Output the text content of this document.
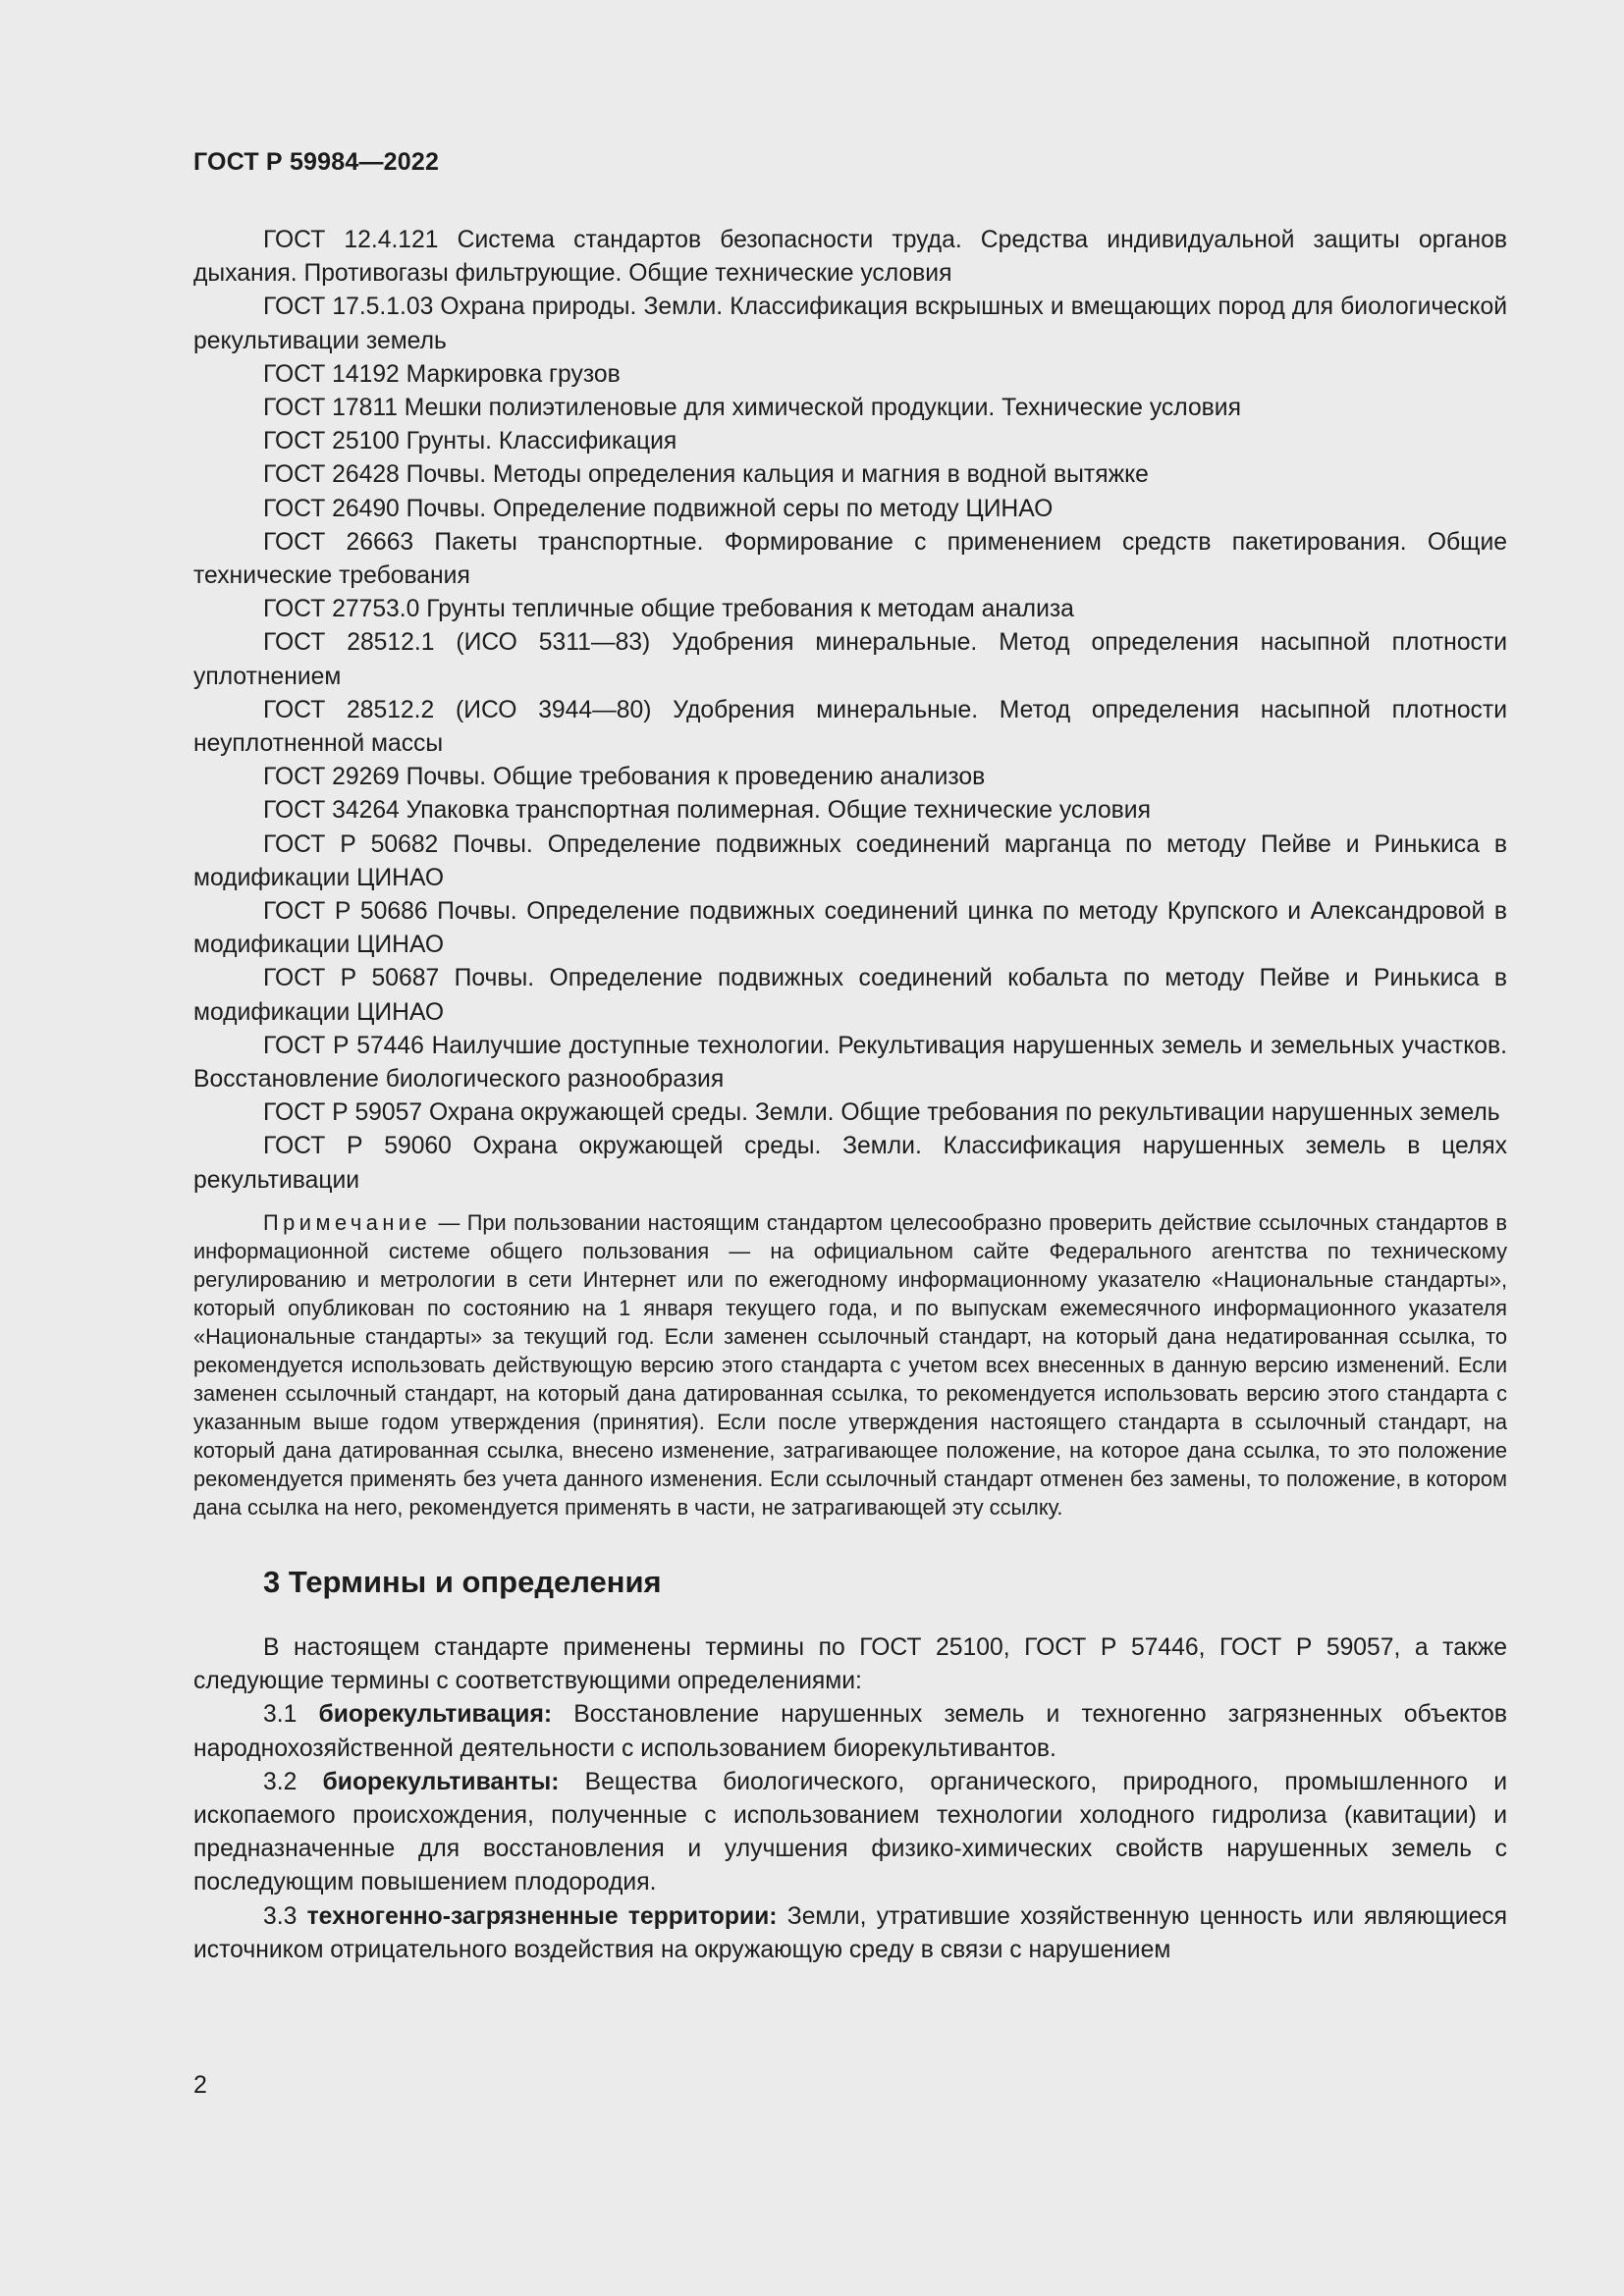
ГОСТ Р 59984—2022
ГОСТ 12.4.121 Система стандартов безопасности труда. Средства индивидуальной защиты органов дыхания. Противогазы фильтрующие. Общие технические условия
ГОСТ 17.5.1.03 Охрана природы. Земли. Классификация вскрышных и вмещающих пород для биологической рекультивации земель
ГОСТ 14192 Маркировка грузов
ГОСТ 17811 Мешки полиэтиленовые для химической продукции. Технические условия
ГОСТ 25100 Грунты. Классификация
ГОСТ 26428 Почвы. Методы определения кальция и магния в водной вытяжке
ГОСТ 26490 Почвы. Определение подвижной серы по методу ЦИНАО
ГОСТ 26663 Пакеты транспортные. Формирование с применением средств пакетирования. Общие технические требования
ГОСТ 27753.0 Грунты тепличные общие требования к методам анализа
ГОСТ 28512.1 (ИСО 5311—83) Удобрения минеральные. Метод определения насыпной плотности уплотнением
ГОСТ 28512.2 (ИСО 3944—80) Удобрения минеральные. Метод определения насыпной плотности неуплотненной массы
ГОСТ 29269 Почвы. Общие требования к проведению анализов
ГОСТ 34264 Упаковка транспортная полимерная. Общие технические условия
ГОСТ Р 50682 Почвы. Определение подвижных соединений марганца по методу Пейве и Ринькиса в модификации ЦИНАО
ГОСТ Р 50686 Почвы. Определение подвижных соединений цинка по методу Крупского и Александровой в модификации ЦИНАО
ГОСТ Р 50687 Почвы. Определение подвижных соединений кобальта по методу Пейве и Ринькиса в модификации ЦИНАО
ГОСТ Р 57446 Наилучшие доступные технологии. Рекультивация нарушенных земель и земельных участков. Восстановление биологического разнообразия
ГОСТ Р 59057 Охрана окружающей среды. Земли. Общие требования по рекультивации нарушенных земель
ГОСТ Р 59060 Охрана окружающей среды. Земли. Классификация нарушенных земель в целях рекультивации
Примечание — При пользовании настоящим стандартом целесообразно проверить действие ссылочных стандартов в информационной системе общего пользования — на официальном сайте Федерального агентства по техническому регулированию и метрологии в сети Интернет или по ежегодному информационному указателю «Национальные стандарты», который опубликован по состоянию на 1 января текущего года, и по выпускам ежемесячного информационного указателя «Национальные стандарты» за текущий год. Если заменен ссылочный стандарт, на который дана недатированная ссылка, то рекомендуется использовать действующую версию этого стандарта с учетом всех внесенных в данную версию изменений. Если заменен ссылочный стандарт, на который дана датированная ссылка, то рекомендуется использовать версию этого стандарта с указанным выше годом утверждения (принятия). Если после утверждения настоящего стандарта в ссылочный стандарт, на который дана датированная ссылка, внесено изменение, затрагивающее положение, на которое дана ссылка, то это положение рекомендуется применять без учета данного изменения. Если ссылочный стандарт отменен без замены, то положение, в котором дана ссылка на него, рекомендуется применять в части, не затрагивающей эту ссылку.
3 Термины и определения
В настоящем стандарте применены термины по ГОСТ 25100, ГОСТ Р 57446, ГОСТ Р 59057, а также следующие термины с соответствующими определениями:
3.1 биорекультивация: Восстановление нарушенных земель и техногенно загрязненных объектов народнохозяйственной деятельности с использованием биорекультивантов.
3.2 биорекультиванты: Вещества биологического, органического, природного, промышленного и ископаемого происхождения, полученные с использованием технологии холодного гидролиза (кавитации) и предназначенные для восстановления и улучшения физико-химических свойств нарушенных земель с последующим повышением плодородия.
3.3 техногенно-загрязненные территории: Земли, утратившие хозяйственную ценность или являющиеся источником отрицательного воздействия на окружающую среду в связи с нарушением
2
